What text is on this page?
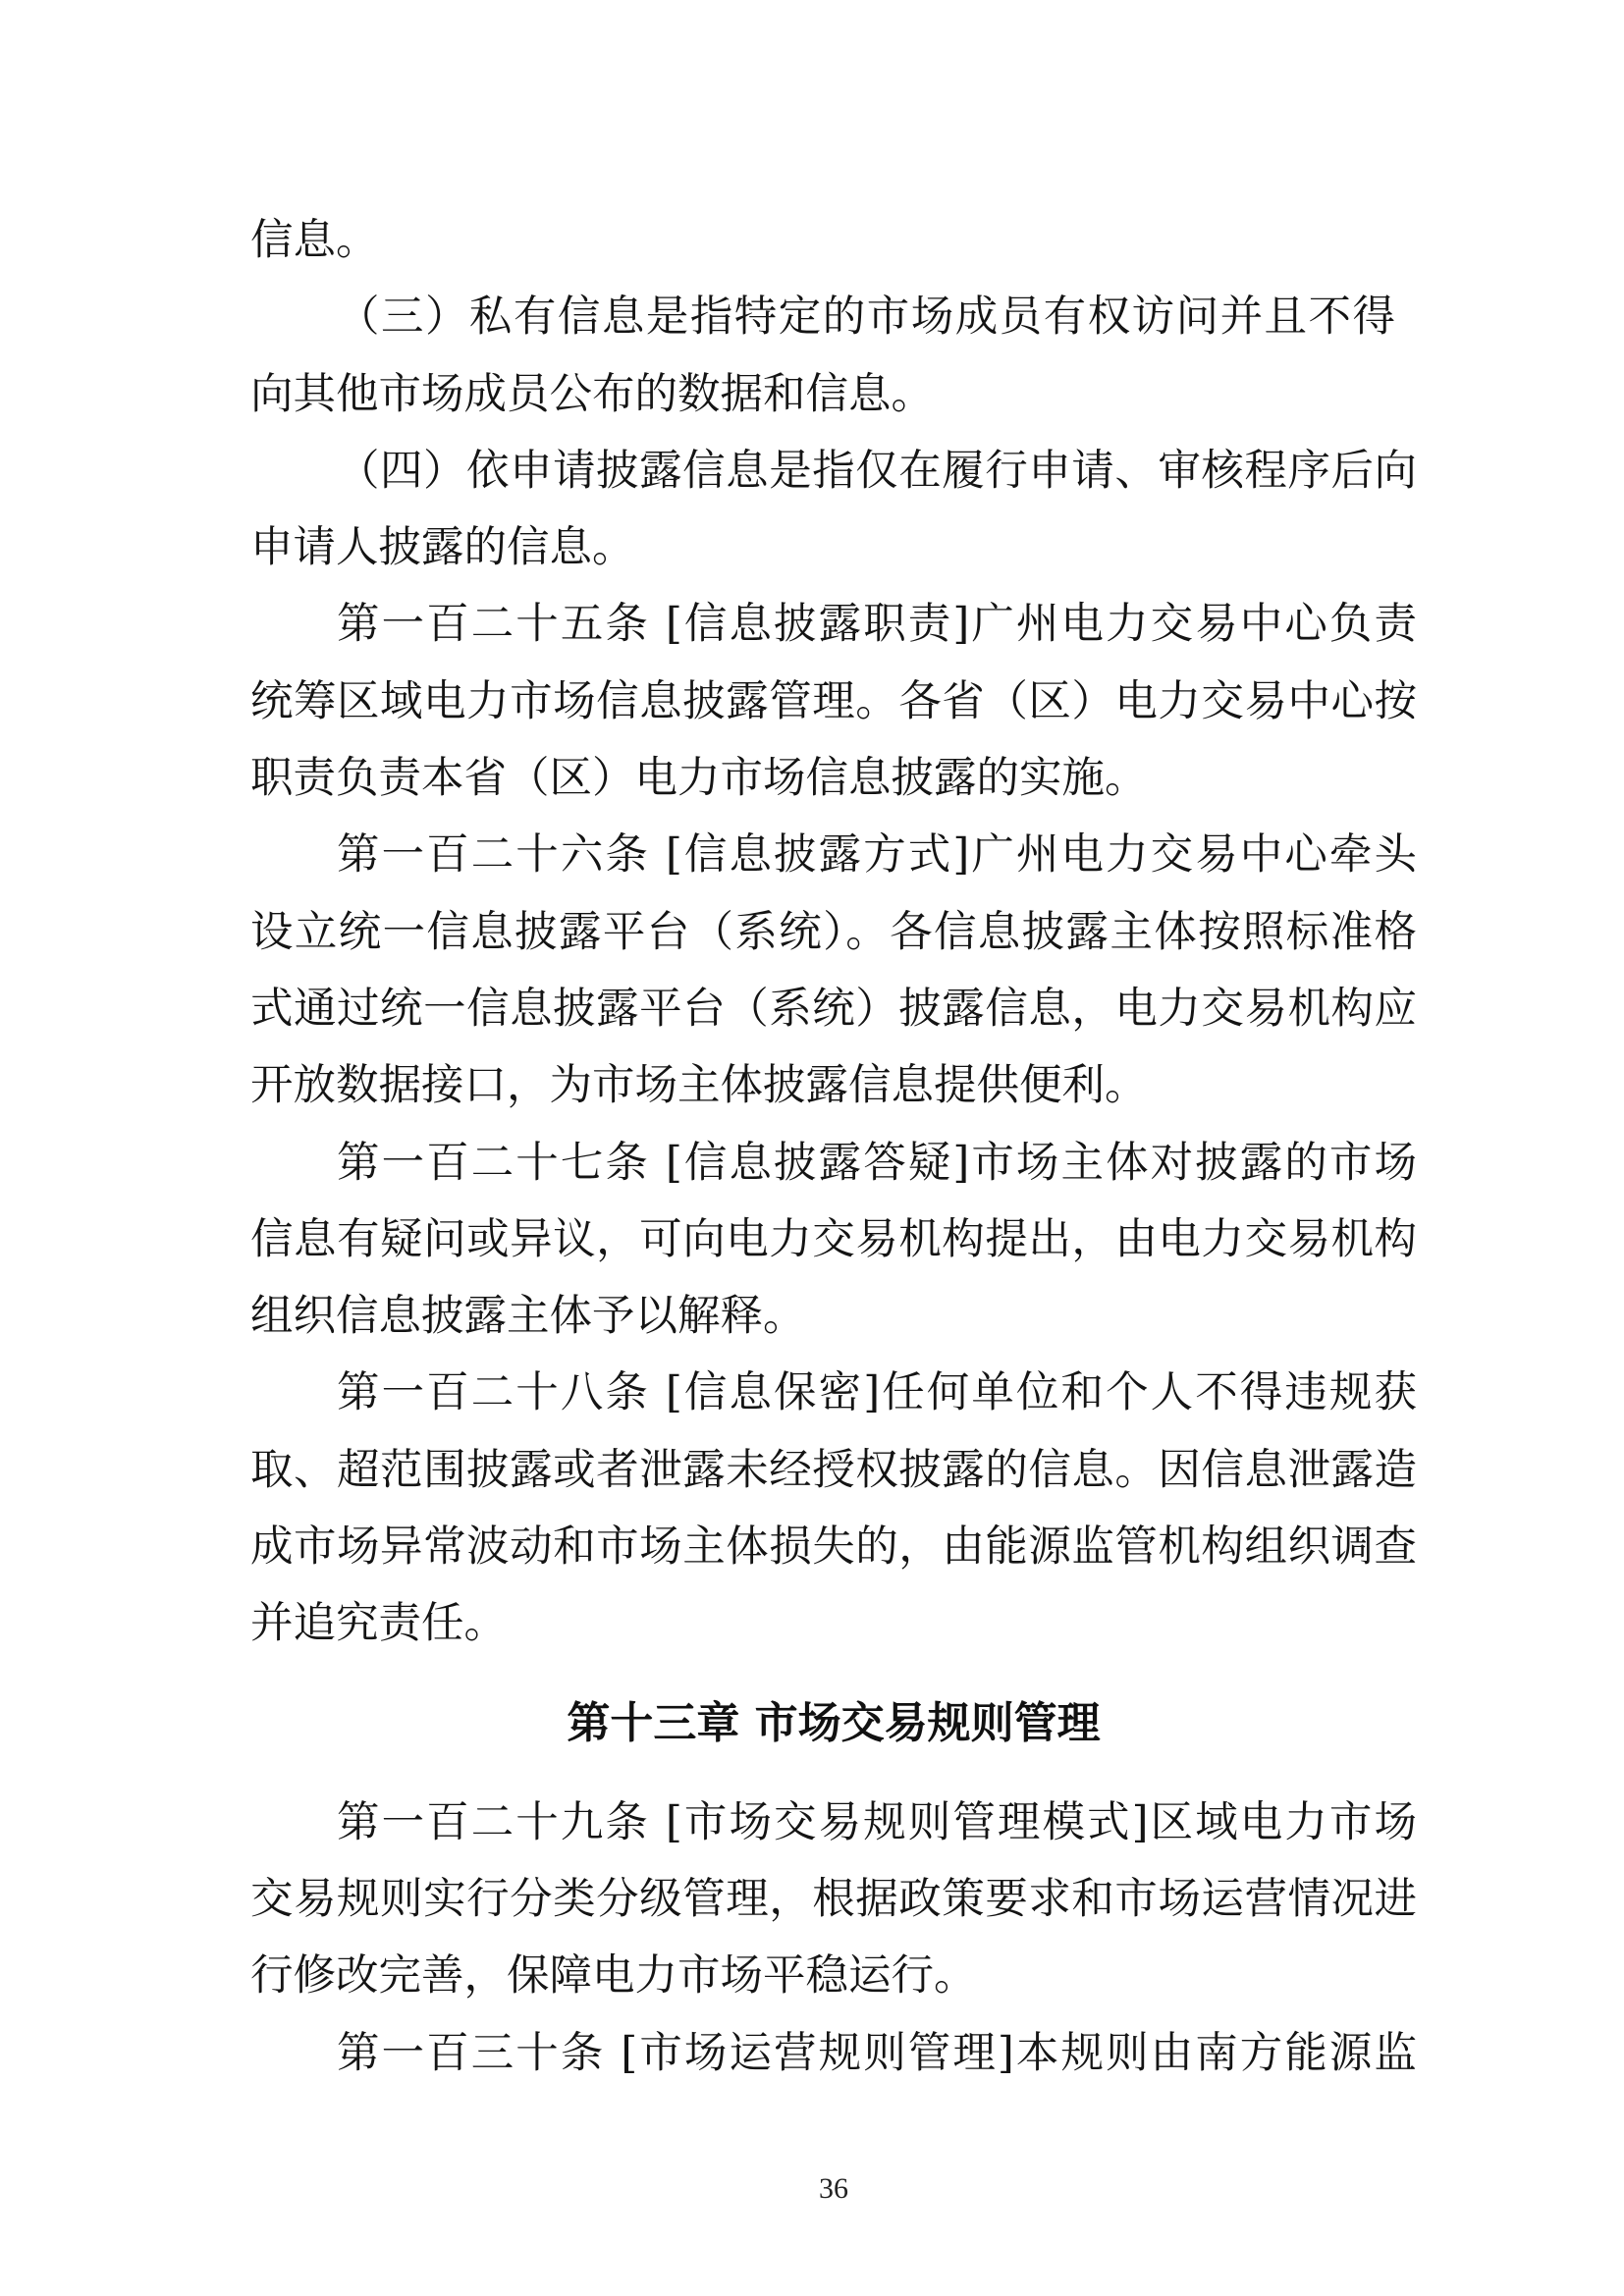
信息。
（三）私有信息是指特定的市场成员有权访问并且不得
向其他市场成员公布的数据和信息。
（四）依申请披露信息是指仅在履行申请、审核程序后向
申请人披露的信息。
第一百二十五条 [信息披露职责]广州电力交易中心负责
统筹区域电力市场信息披露管理。各省（区）电力交易中心按
职责负责本省（区）电力市场信息披露的实施。
第一百二十六条 [信息披露方式]广州电力交易中心牵头
设立统一信息披露平台（系统）。各信息披露主体按照标准格
式通过统一信息披露平台（系统）披露信息，电力交易机构应
开放数据接口，为市场主体披露信息提供便利。
第一百二十七条 [信息披露答疑]市场主体对披露的市场
信息有疑问或异议，可向电力交易机构提出，由电力交易机构
组织信息披露主体予以解释。
第一百二十八条 [信息保密]任何单位和个人不得违规获
取、超范围披露或者泄露未经授权披露的信息。因信息泄露造
成市场异常波动和市场主体损失的，由能源监管机构组织调查
并追究责任。
第十三章 市场交易规则管理
第一百二十九条 [市场交易规则管理模式]区域电力市场
交易规则实行分类分级管理，根据政策要求和市场运营情况进
行修改完善，保障电力市场平稳运行。
第一百三十条 [市场运营规则管理]本规则由南方能源监
36
